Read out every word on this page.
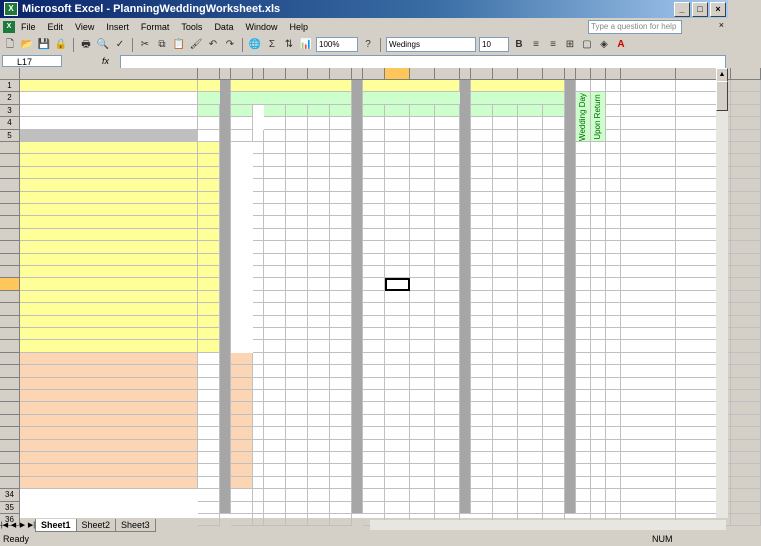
X Microsoft Excel - PlanningWeddingWorksheet.xls	_	□	×
X	File	Edit	View	Insert	Format	Tools	Data	Window	Help	Type a question for help	×
🗋 📂 💾 🔒 🖶 🔍 ✓ ✂ ⧉ 📋 🖌 ↶ ↷ 🌐 Σ ⇅ 📊 100%	?	Wedings	10	B	≡	≡ ⊞ ▢ ◈ A
L17	fx
1
2
3
4
5
34
35
36
Wedding Day Upon Return
▲
|◀ ◀ ▶ ▶| Sheet1	Sheet2	Sheet3
Ready	NUM
